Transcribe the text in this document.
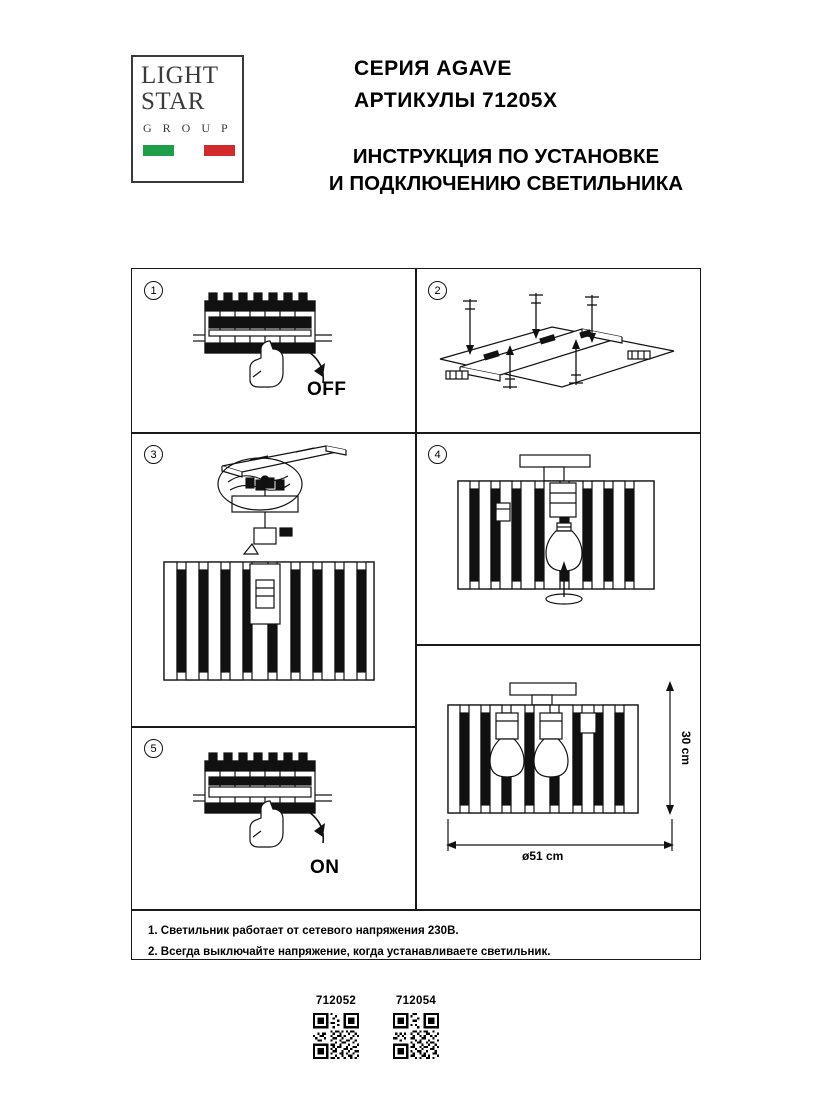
LIGHT
STAR
G R O U P
СЕРИЯ AGAVE
АРТИКУЛЫ 71205X
ИНСТРУКЦИЯ ПО УСТАНОВКЕ
И ПОДКЛЮЧЕНИЮ СВЕТИЛЬНИКА
1	2
3	4
5
OFF
ON
30 cm
ø51 cm
1. Светильник работает от сетевого напряжения 230В.
2. Всегда выключайте напряжение, когда устанавливаете светильник.
712052	712054
